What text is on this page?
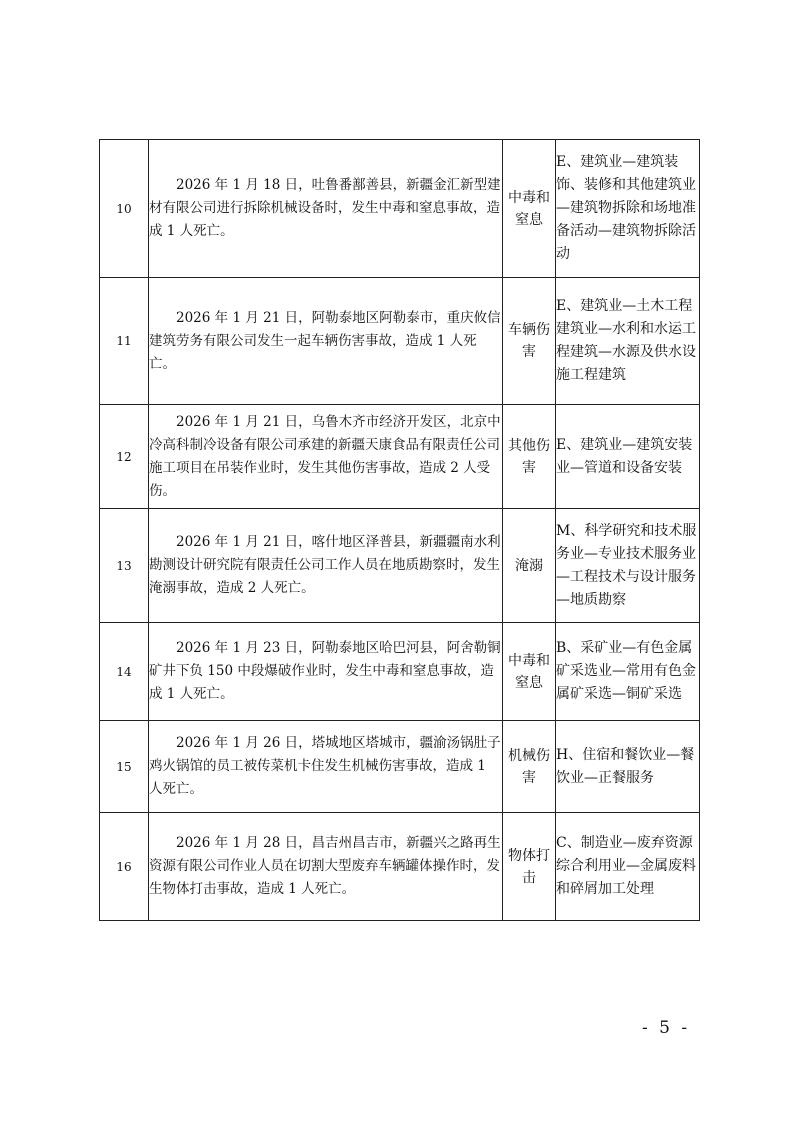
10	2026 年 1 月 18 日，吐鲁番鄯善县，新疆金汇新型建材有限公司进行拆除机械设备时，发生中毒和窒息事故，造成 1 人死亡。	中毒和窒息	E、建筑业—建筑装饰、装修和其他建筑业—建筑物拆除和场地准备活动—建筑物拆除活动

11	2026 年 1 月 21 日，阿勒泰地区阿勒泰市，重庆攸信建筑劳务有限公司发生一起车辆伤害事故，造成 1 人死亡。	车辆伤害	E、建筑业—土木工程建筑业—水利和水运工程建筑—水源及供水设施工程建筑

12	2026 年 1 月 21 日，乌鲁木齐市经济开发区，北京中冷高科制冷设备有限公司承建的新疆天康食品有限责任公司施工项目在吊装作业时，发生其他伤害事故，造成 2 人受伤。	其他伤害	E、建筑业—建筑安装业—管道和设备安装

13	2026 年 1 月 21 日，喀什地区泽普县，新疆疆南水利勘测设计研究院有限责任公司工作人员在地质勘察时，发生淹溺事故，造成 2 人死亡。	淹溺	M、科学研究和技术服务业—专业技术服务业—工程技术与设计服务—地质勘察

14	2026 年 1 月 23 日，阿勒泰地区哈巴河县，阿舍勒铜矿井下负 150 中段爆破作业时，发生中毒和窒息事故，造成 1 人死亡。	中毒和窒息	B、采矿业—有色金属矿采选业—常用有色金属矿采选—铜矿采选

15	2026 年 1 月 26 日，塔城地区塔城市，疆渝汤锅肚子鸡火锅馆的员工被传菜机卡住发生机械伤害事故，造成 1 人死亡。	机械伤害	H、住宿和餐饮业—餐饮业—正餐服务

16	2026 年 1 月 28 日，昌吉州昌吉市，新疆兴之路再生资源有限公司作业人员在切割大型废弃车辆罐体操作时，发生物体打击事故，造成 1 人死亡。	物体打击	C、制造业—废弃资源综合利用业—金属废料和碎屑加工处理
- 5 -
